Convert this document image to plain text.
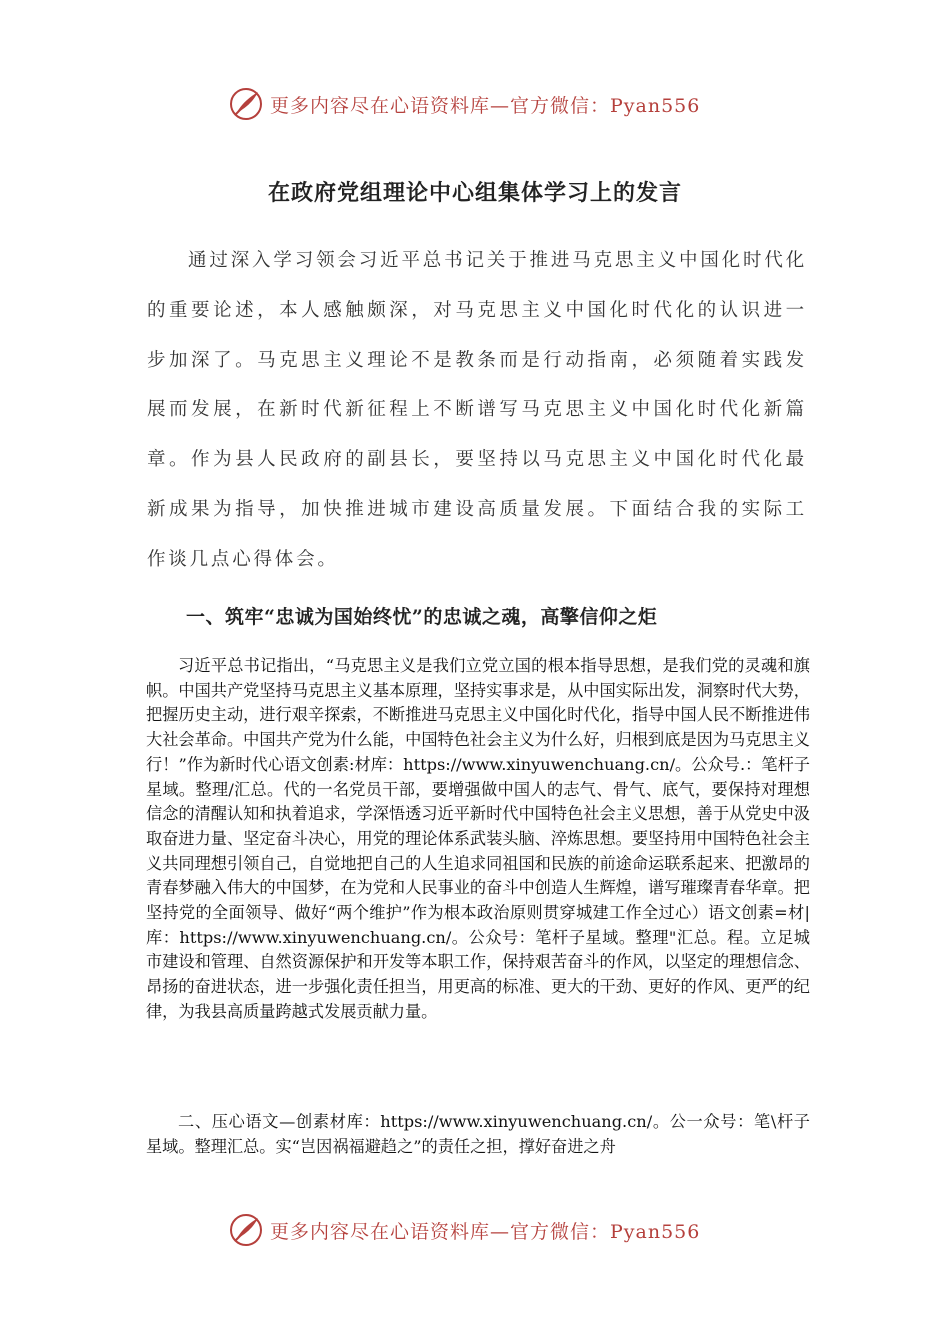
更多内容尽在心语资料库—官方微信：Pyan556
在政府党组理论中心组集体学习上的发言

通过深入学习领会习近平总书记关于推进马克思主义中国化时代化的重要论述，本人感触颇深，对马克思主义中国化时代化的认识进一步加深了。马克思主义理论不是教条而是行动指南，必须随着实践发展而发展，在新时代新征程上不断谱写马克思主义中国化时代化新篇章。作为县人民政府的副县长，要坚持以马克思主义中国化时代化最新成果为指导，加快推进城市建设高质量发展。下面结合我的实际工作谈几点心得体会。

一、筑牢“忠诚为国始终忧”的忠诚之魂，高擎信仰之炬

习近平总书记指出，“马克思主义是我们立党立国的根本指导思想，是我们党的灵魂和旗帜。中国共产党坚持马克思主义基本原理，坚持实事求是，从中国实际出发，洞察时代大势，把握历史主动，进行艰辛探索，不断推进马克思主义中国化时代化，指导中国人民不断推进伟大社会革命。中国共产党为什么能，中国特色社会主义为什么好，归根到底是因为马克思主义行！”作为新时代心语文创素:材库：https://www.xinyuwenchuang.cn/。公众号.：笔杆子星域。整理/汇总。代的一名党员干部，要增强做中国人的志气、骨气、底气，要保持对理想信念的清醒认知和执着追求，学深悟透习近平新时代中国特色社会主义思想，善于从党史中汲取奋进力量、坚定奋斗决心，用党的理论体系武装头脑、淬炼思想。要坚持用中国特色社会主义共同理想引领自己，自觉地把自己的人生追求同祖国和民族的前途命运联系起来、把激昂的青春梦融入伟大的中国梦，在为党和人民事业的奋斗中创造人生辉煌，谱写璀璨青春华章。把坚持党的全面领导、做好“两个维护”作为根本政治原则贯穿城建工作全过心）语文创素=材|库：https://www.xinyuwenchuang.cn/。公众号：笔杆子星域。整理"汇总。程。立足城市建设和管理、自然资源保护和开发等本职工作，保持艰苦奋斗的作风，以坚定的理想信念、昂扬的奋进状态，进一步强化责任担当，用更高的标准、更大的干劲、更好的作风、更严的纪律，为我县高质量跨越式发展贡献力量。

二、压心语文—创素材库：https://www.xinyuwenchuang.cn/。公一众号：笔\杆子星域。整理汇总。实“岂因祸福避趋之”的责任之担，撑好奋进之舟

更多内容尽在心语资料库—官方微信：Pyan556
